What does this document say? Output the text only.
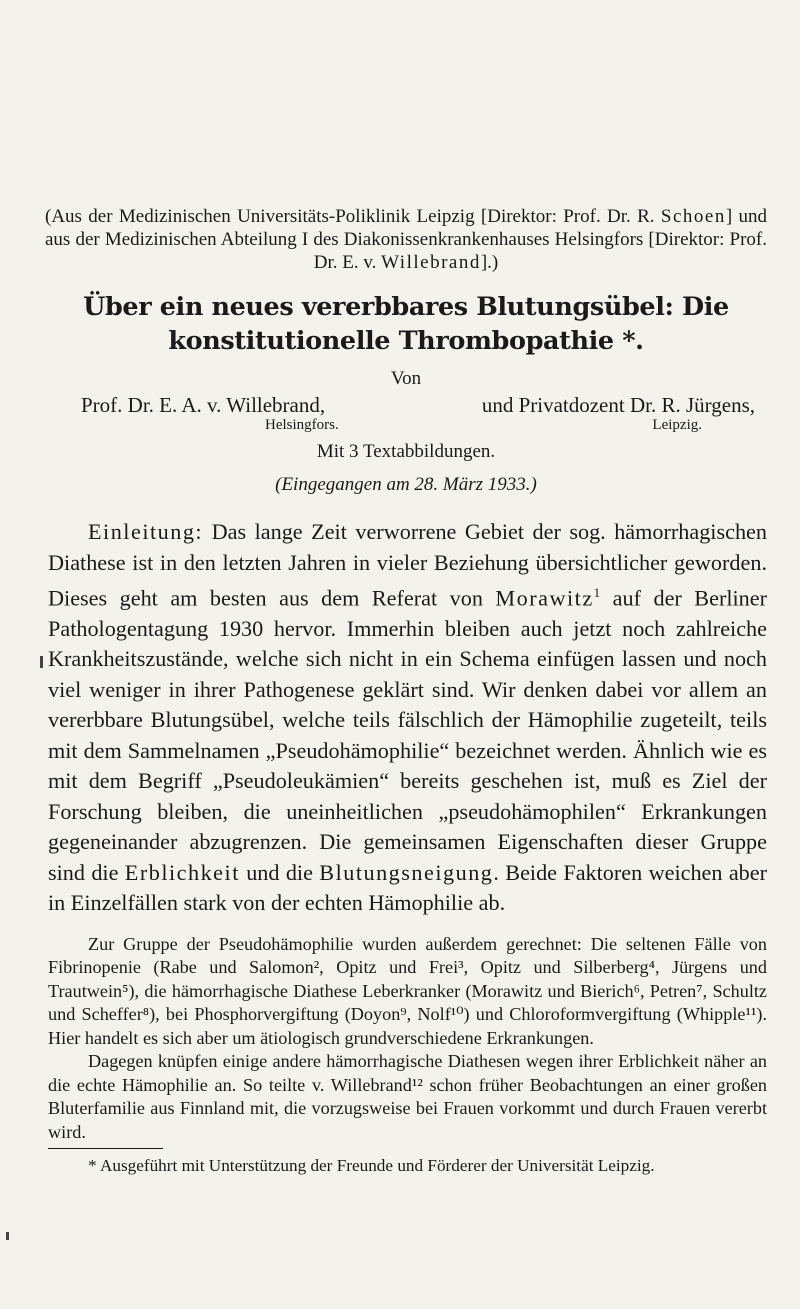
(Aus der Medizinischen Universitäts-Poliklinik Leipzig [Direktor: Prof. Dr. R. Schoen] und aus der Medizinischen Abteilung I des Diakonissenkrankenhauses Helsingfors [Direktor: Prof. Dr. E. v. Willebrand].)

Über ein neues vererbbares Blutungsübel: Die konstitutionelle Thrombopathie *.

Von

Prof. Dr. E. A. v. Willebrand,	und Privatdozent Dr. R. Jürgens,
Helsingfors.	Leipzig.

Mit 3 Textabbildungen.

(Eingegangen am 28. März 1933.)

Einleitung: Das lange Zeit verworrene Gebiet der sog. hämorrhagischen Diathese ist in den letzten Jahren in vieler Beziehung übersichtlicher geworden. Dieses geht am besten aus dem Referat von Morawitz$^1$ auf der Berliner Pathologentagung 1930 hervor. Immerhin bleiben auch jetzt noch zahlreiche Krankheitszustände, welche sich nicht in ein Schema einfügen lassen und noch viel weniger in ihrer Pathogenese geklärt sind. Wir denken dabei vor allem an vererbbare Blutungsübel, welche teils fälschlich der Hämophilie zugeteilt, teils mit dem Sammelnamen „Pseudohämophilie“ bezeichnet werden. Ähnlich wie es mit dem Begriff „Pseudoleukämien“ bereits geschehen ist, muß es Ziel der Forschung bleiben, die uneinheitlichen „pseudohämophilen“ Erkrankungen gegeneinander abzugrenzen. Die gemeinsamen Eigenschaften dieser Gruppe sind die Erblichkeit und die Blutungsneigung. Beide Faktoren weichen aber in Einzelfällen stark von der echten Hämophilie ab.

Zur Gruppe der Pseudohämophilie wurden außerdem gerechnet: Die seltenen Fälle von Fibrinopenie (Rabe und Salomon², Opitz und Frei³, Opitz und Silberberg⁴, Jürgens und Trautwein⁵), die hämorrhagische Diathese Leberkranker (Morawitz und Bierich⁶, Petren⁷, Schultz und Scheffer⁸), bei Phosphorvergiftung (Doyon⁹, Nolf¹⁰) und Chloroformvergiftung (Whipple¹¹). Hier handelt es sich aber um ätiologisch grundverschiedene Erkrankungen.

Dagegen knüpfen einige andere hämorrhagische Diathesen wegen ihrer Erblichkeit näher an die echte Hämophilie an. So teilte v. Willebrand¹² schon früher Beobachtungen an einer großen Bluterfamilie aus Finnland mit, die vorzugsweise bei Frauen vorkommt und durch Frauen vererbt wird.

* Ausgeführt mit Unterstützung der Freunde und Förderer der Universität Leipzig.
